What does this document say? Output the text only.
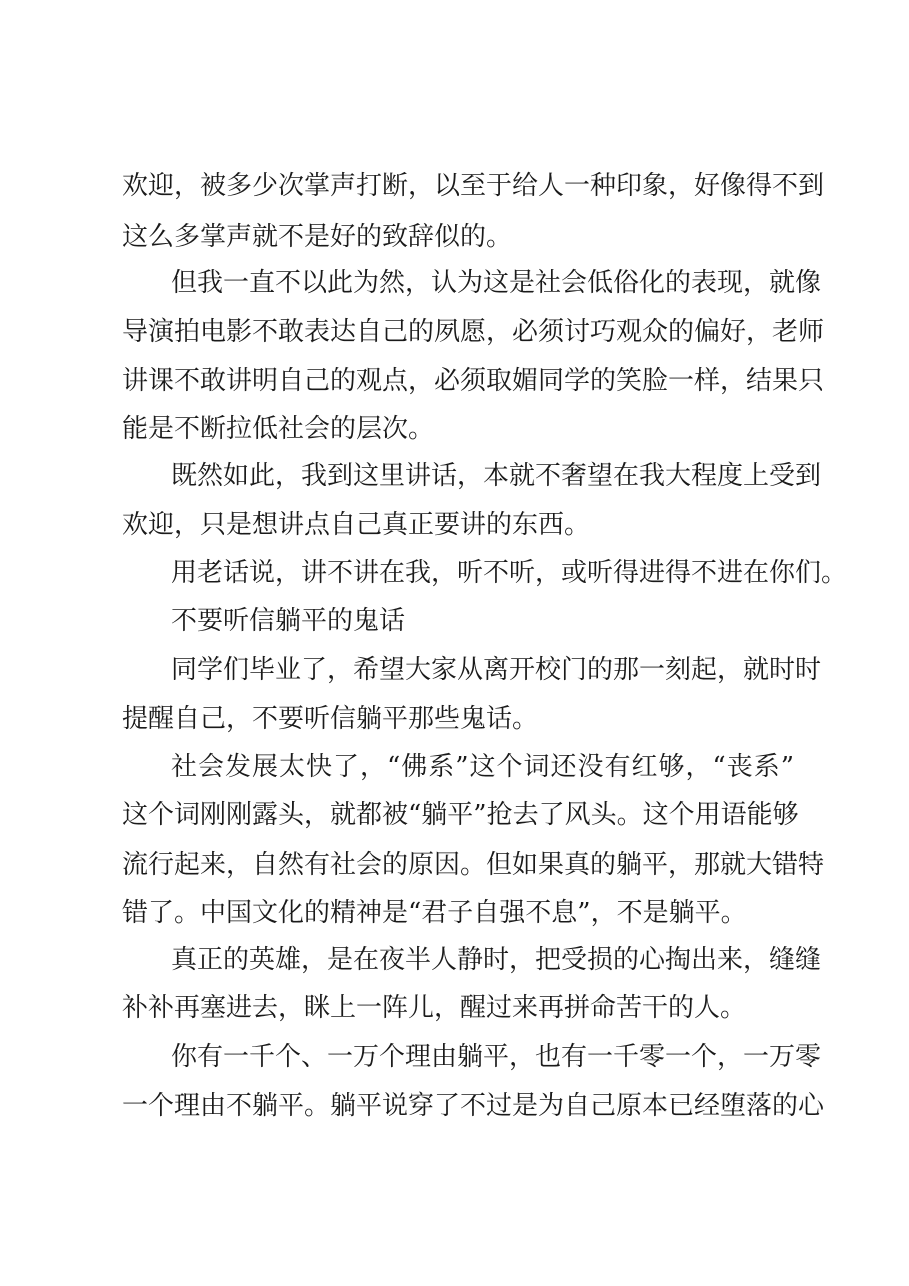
欢迎，被多少次掌声打断，以至于给人一种印象，好像得不到
这么多掌声就不是好的致辞似的。
但我一直不以此为然，认为这是社会低俗化的表现，就像
导演拍电影不敢表达自己的夙愿，必须讨巧观众的偏好，老师
讲课不敢讲明自己的观点，必须取媚同学的笑脸一样，结果只
能是不断拉低社会的层次。
既然如此，我到这里讲话，本就不奢望在我大程度上受到
欢迎，只是想讲点自己真正要讲的东西。
用老话说，讲不讲在我，听不听，或听得进得不进在你们。
不要听信躺平的鬼话
同学们毕业了，希望大家从离开校门的那一刻起，就时时
提醒自己，不要听信躺平那些鬼话。
社会发展太快了，“佛系”这个词还没有红够，“丧系”
这个词刚刚露头，就都被“躺平”抢去了风头。这个用语能够
流行起来，自然有社会的原因。但如果真的躺平，那就大错特
错了。中国文化的精神是“君子自强不息”，不是躺平。
真正的英雄，是在夜半人静时，把受损的心掏出来，缝缝
补补再塞进去，眯上一阵儿，醒过来再拼命苦干的人。
你有一千个、一万个理由躺平，也有一千零一个，一万零
一个理由不躺平。躺平说穿了不过是为自己原本已经堕落的心
